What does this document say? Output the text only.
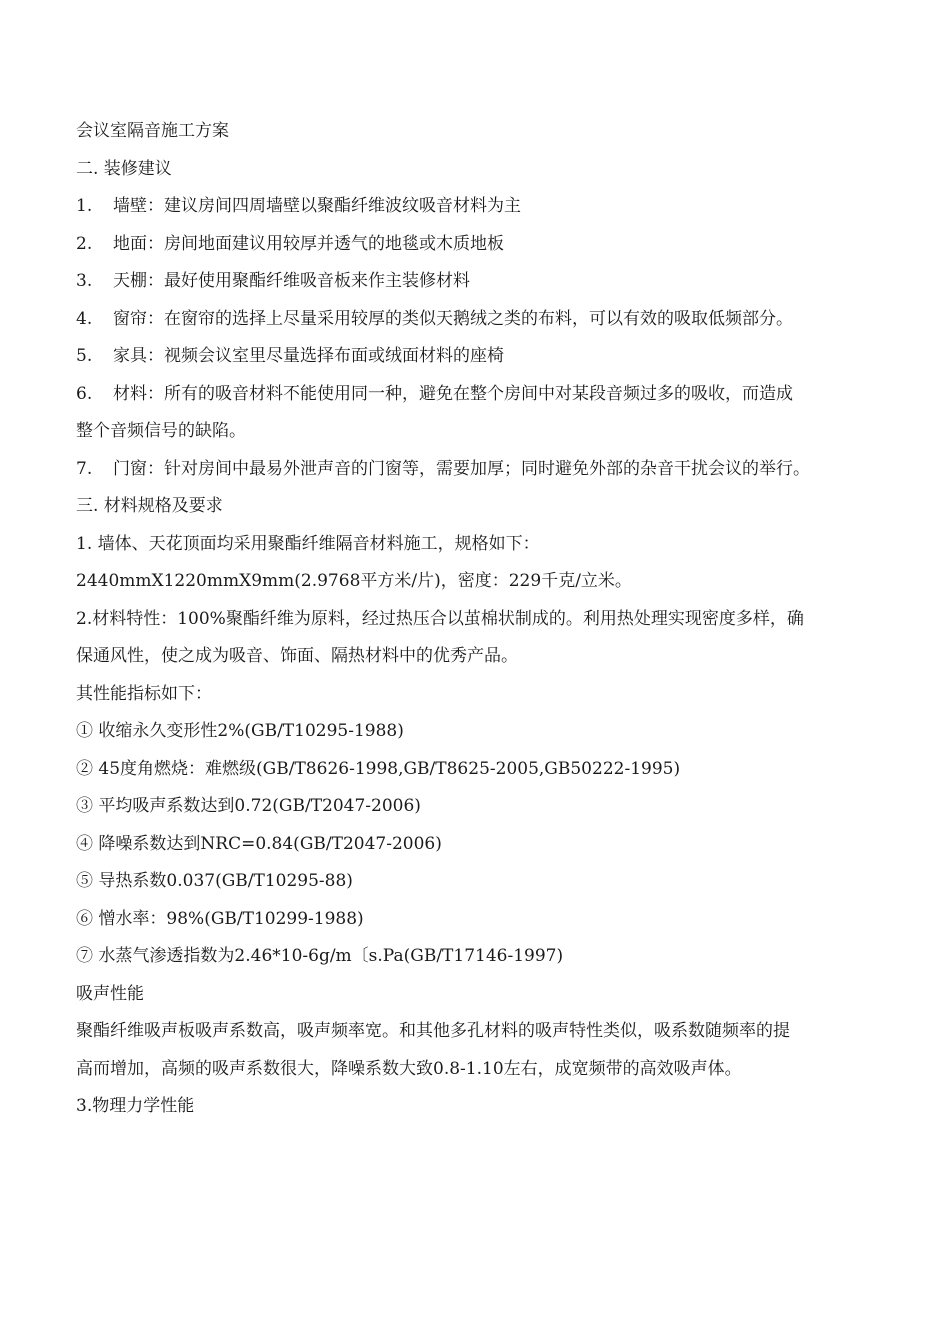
会议室隔音施工方案
二. 装修建议
1.	墙壁：建议房间四周墙壁以聚酯纤维波纹吸音材料为主
2.	地面：房间地面建议用较厚并透气的地毯或木质地板
3.	天棚：最好使用聚酯纤维吸音板来作主装修材料
4.	窗帘：在窗帘的选择上尽量采用较厚的类似天鹅绒之类的布料，可以有效的吸取低频部分。
5.	家具：视频会议室里尽量选择布面或绒面材料的座椅
6.	材料：所有的吸音材料不能使用同一种，避免在整个房间中对某段音频过多的吸收，而造成
整个音频信号的缺陷。
7.	门窗：针对房间中最易外泄声音的门窗等，需要加厚；同时避免外部的杂音干扰会议的举行。
三. 材料规格及要求
1. 墙体、天花顶面均采用聚酯纤维隔音材料施工，规格如下：
2440mmX1220mmX9mm(2.9768平方米/片)，密度：229千克/立米。
2.材料特性：100%聚酯纤维为原料，经过热压合以茧棉状制成的。利用热处理实现密度多样，确
保通风性，使之成为吸音、饰面、隔热材料中的优秀产品。
其性能指标如下：
① 收缩永久变形性2%(GB/T10295-1988)
② 45度角燃烧：难燃级(GB/T8626-1998,GB/T8625-2005,GB50222-1995)
③ 平均吸声系数达到0.72(GB/T2047-2006)
④ 降噪系数达到NRC=0.84(GB/T2047-2006)
⑤ 导热系数0.037(GB/T10295-88)
⑥ 憎水率：98%(GB/T10299-1988)
⑦ 水蒸气渗透指数为2.46*10-6g/m〔s.Pa(GB/T17146-1997)
吸声性能
聚酯纤维吸声板吸声系数高，吸声频率宽。和其他多孔材料的吸声特性类似，吸系数随频率的提
高而增加，高频的吸声系数很大，降噪系数大致0.8-1.10左右，成宽频带的高效吸声体。
3.物理力学性能
